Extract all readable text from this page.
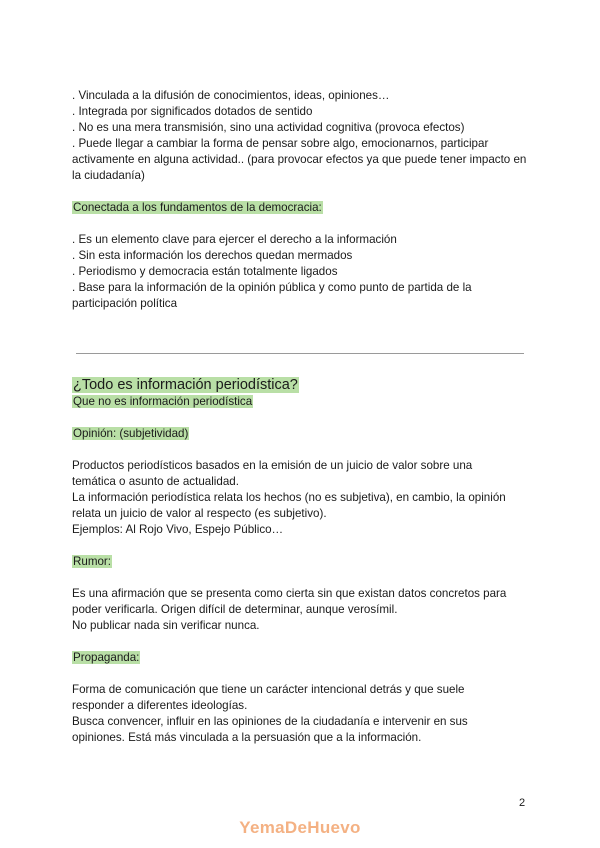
. Vinculada a la difusión de conocimientos, ideas, opiniones…
. Integrada por significados dotados de sentido
. No es una mera transmisión, sino una actividad cognitiva (provoca efectos)
. Puede llegar a cambiar la forma de pensar sobre algo, emocionarnos, participar activamente en alguna actividad.. (para provocar efectos ya que puede tener impacto en la ciudadanía)
Conectada a los fundamentos de la democracia:
. Es un elemento clave para ejercer el derecho a la información
. Sin esta información los derechos quedan mermados
. Periodismo y democracia están totalmente ligados
. Base para la información de la opinión pública y como punto de partida de la participación política
¿Todo es información periodística?
Que no es información periodística
Opinión: (subjetividad)
Productos periodísticos basados en la emisión de un juicio de valor sobre una temática o asunto de actualidad.
La información periodística relata los hechos (no es subjetiva), en cambio, la opinión relata un juicio de valor al respecto (es subjetivo).
Ejemplos: Al Rojo Vivo, Espejo Público…
Rumor:
Es una afirmación que se presenta como cierta sin que existan datos concretos para poder verificarla. Origen difícil de determinar, aunque verosímil.
No publicar nada sin verificar nunca.
Propaganda:
Forma de comunicación que tiene un carácter intencional detrás y que suele responder a diferentes ideologías.
Busca convencer, influir en las opiniones de la ciudadanía e intervenir en sus opiniones. Está más vinculada a la persuasión que a la información.
2
YemaDeHuevo
